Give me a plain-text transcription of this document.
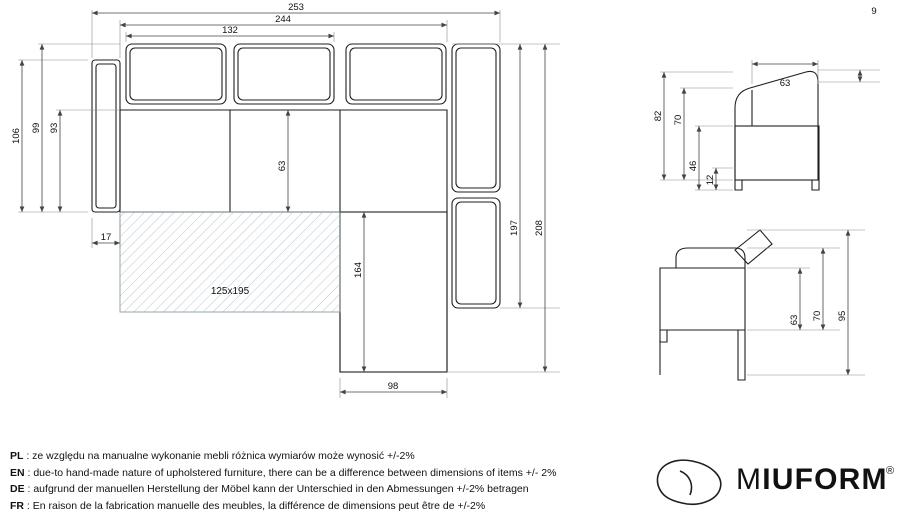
253
244
132
106
99 93
63
17
164
197 208
98
125x195
9
82 70
63
46
12
63 70 95
PL : ze względu na manualne wykonanie mebli różnica wymiarów może wynosić +/-2%
EN : due-to hand-made nature of upholstered furniture, there can be a difference between dimensions of items +/- 2%
DE : aufgrund der manuellen Herstellung der Möbel kann der Unterschied in den Abmessungen +/-2% betragen
FR : En raison de la fabrication manuelle des meubles, la différence de dimensions peut être de +/-2%
MIUFORM
®
